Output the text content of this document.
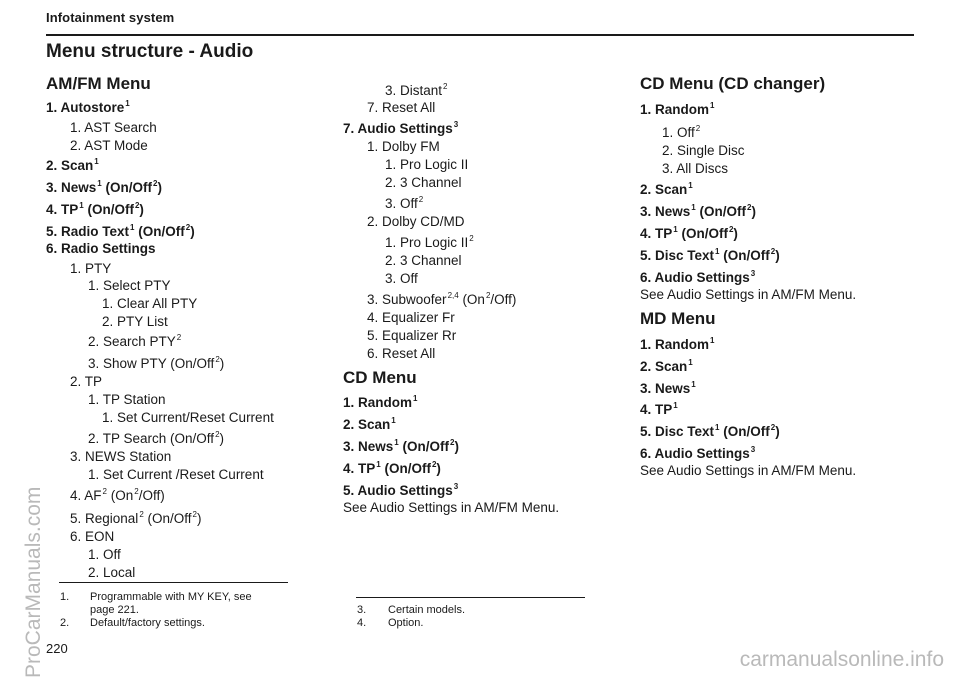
Infotainment system
Menu structure - Audio
AM/FM Menu
1. Autostore$^1$
1. AST Search
2. AST Mode
2. Scan$^1$
3. News$^1$ (On/Off$^2$)
4. $TP^1$ (On/Off$^2$)
5. Radio Text$^1$ (On/Off$^2$)
6. Radio Settings
1. PTY
1. Select PTY
1. Clear All PTY
2. PTY List
2. Search PTY$^2$
3. Show PTY (On/Off$^2$)
2. TP
1. TP Station
1. Set Current/Reset Current
2. TP Search (On/Off$^2$)
3. NEWS Station
1. Set Current /Reset Current
4. $AF^2$ (On$^2$/Off)
5. Regional$^2$ (On/Off$^2$)
6. EON
1. Off
2. Local
3. Distant$^2$
7. Reset All
7. Audio Settings$^3$
1. Dolby FM
1. Pro Logic II
2. 3 Channel
3. Off$^2$
2. Dolby CD/MD
1. Pro Logic $II^2$
2. 3 Channel
3. Off
3. Subwoofer$^{2,4}$ (On$^2$/Off)
4. Equalizer Fr
5. Equalizer Rr
6. Reset All
CD Menu
1. Random$^1$
2. Scan$^1$
3. News$^1$ (On/Off$^2$)
4. $TP^1$ (On/Off$^2$)
5. Audio Settings$^3$
See Audio Settings in AM/FM Menu.
CD Menu (CD changer)
1. Random$^1$
1. Off$^2$
2. Single Disc
3. All Discs
2. Scan$^1$
3. News$^1$ (On/Off$^2$)
4. $TP^1$ (On/Off$^2$)
5. Disc Text$^1$ (On/Off$^2$)
6. Audio Settings$^3$
See Audio Settings in AM/FM Menu.
MD Menu
1. Random$^1$
2. Scan$^1$
3. News$^1$
4. $TP^1$
5. Disc Text$^1$ (On/Off$^2$)
6. Audio Settings$^3$
See Audio Settings in AM/FM Menu.
1. Programmable with MY KEY, see
page 221.
2. Default/factory settings.
3. Certain models.
4. Option.
220
ProCarManuals.com	carmanualsonline.info
